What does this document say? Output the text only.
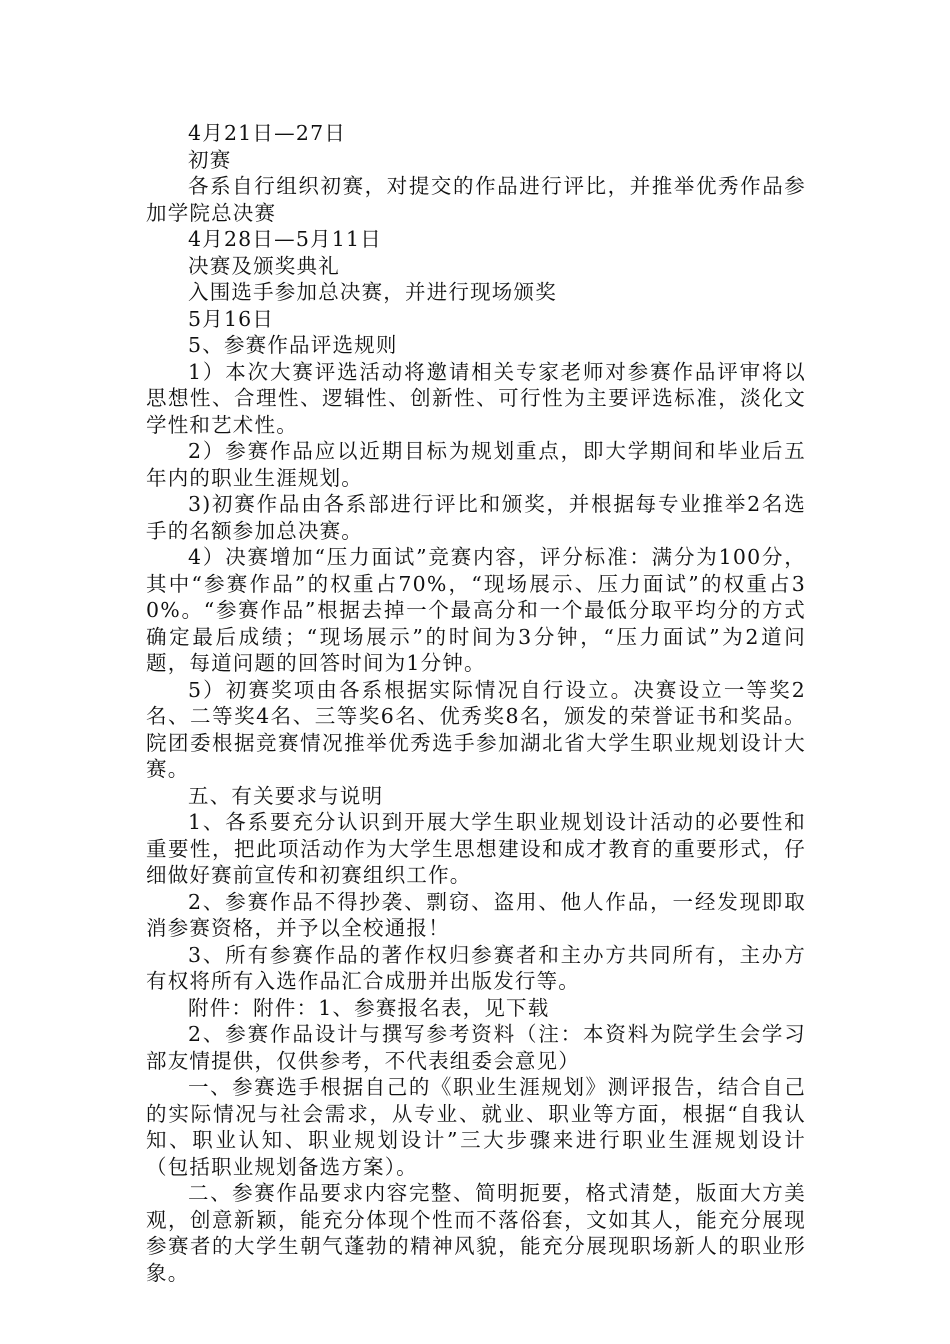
4月21日—27日

初赛

各系自行组织初赛，对提交的作品进行评比，并推举优秀作品参加学院总决赛

4月28日—5月11日

决赛及颁奖典礼

入围选手参加总决赛，并进行现场颁奖

5月16日

5、参赛作品评选规则

1）本次大赛评选活动将邀请相关专家老师对参赛作品评审将以思想性、合理性、逻辑性、创新性、可行性为主要评选标准，淡化文学性和艺术性。

2）参赛作品应以近期目标为规划重点，即大学期间和毕业后五年内的职业生涯规划。

3)初赛作品由各系部进行评比和颁奖，并根据每专业推举2名选手的名额参加总决赛。

4）决赛增加“压力面试”竞赛内容，评分标准：满分为100分，其中“参赛作品”的权重占70%，“现场展示、压力面试”的权重占30%。“参赛作品”根据去掉一个最高分和一个最低分取平均分的方式确定最后成绩；“现场展示”的时间为3分钟，“压力面试”为2道问题，每道问题的回答时间为1分钟。

5）初赛奖项由各系根据实际情况自行设立。决赛设立一等奖2名、二等奖4名、三等奖6名、优秀奖8名，颁发的荣誉证书和奖品。院团委根据竞赛情况推举优秀选手参加湖北省大学生职业规划设计大赛。

五、有关要求与说明

1、各系要充分认识到开展大学生职业规划设计活动的必要性和重要性，把此项活动作为大学生思想建设和成才教育的重要形式，仔细做好赛前宣传和初赛组织工作。

2、参赛作品不得抄袭、剽窃、盗用、他人作品，一经发现即取消参赛资格，并予以全校通报！

3、所有参赛作品的著作权归参赛者和主办方共同所有，主办方有权将所有入选作品汇合成册并出版发行等。

附件：附件：1、参赛报名表，见下载

2、参赛作品设计与撰写参考资料（注：本资料为院学生会学习部友情提供，仅供参考，不代表组委会意见）

一、参赛选手根据自己的《职业生涯规划》测评报告，结合自己的实际情况与社会需求，从专业、就业、职业等方面，根据“自我认知、职业认知、职业规划设计”三大步骤来进行职业生涯规划设计（包括职业规划备选方案）。

二、参赛作品要求内容完整、简明扼要，格式清楚，版面大方美观，创意新颖，能充分体现个性而不落俗套，文如其人，能充分展现参赛者的大学生朝气蓬勃的精神风貌，能充分展现职场新人的职业形象。
